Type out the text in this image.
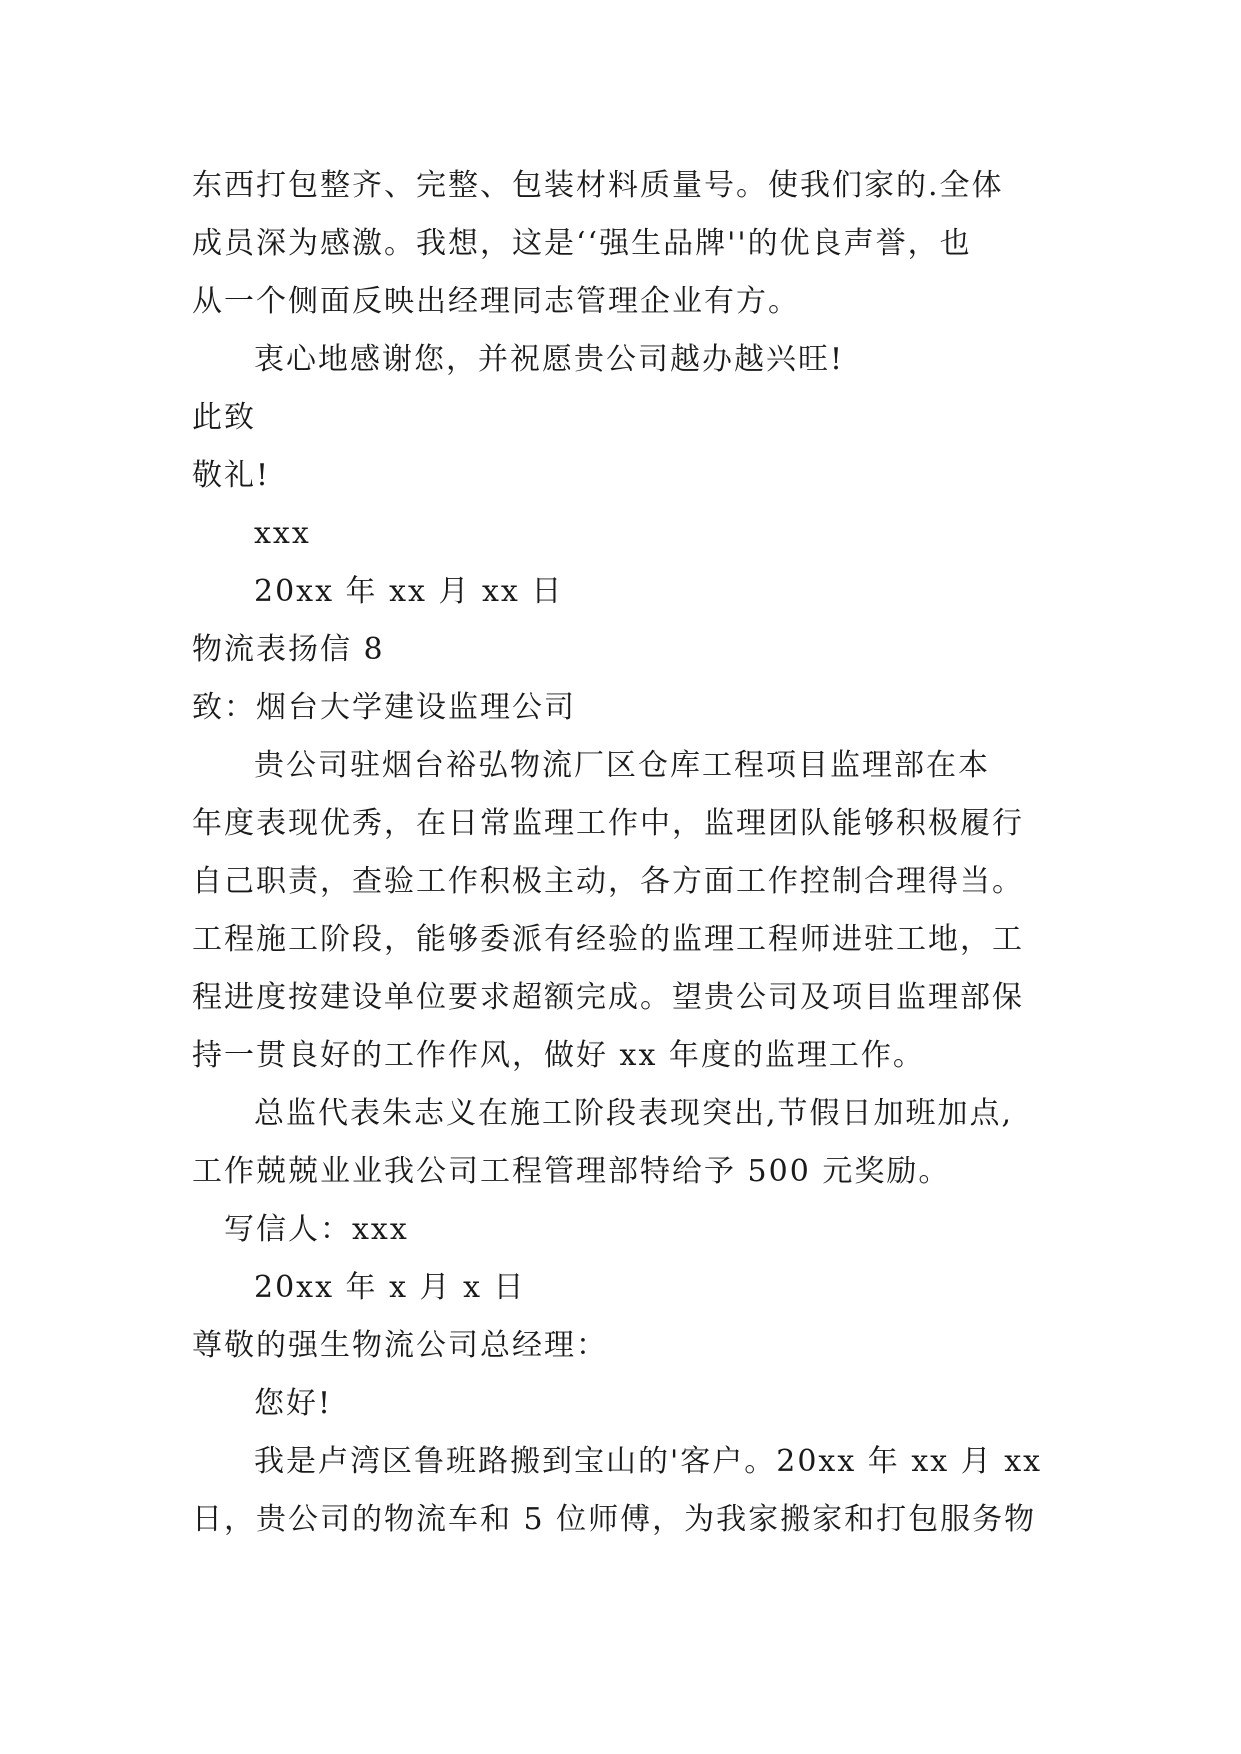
东西打包整齐、完整、包装材料质量号。使我们家的.全体
成员深为感激。我想，这是‘‘强生品牌''的优良声誉，也
从一个侧面反映出经理同志管理企业有方。
衷心地感谢您，并祝愿贵公司越办越兴旺!
此致
敬礼!
xxx
20xx 年 xx 月 xx 日
物流表扬信 8
致：烟台大学建设监理公司
贵公司驻烟台裕弘物流厂区仓库工程项目监理部在本
年度表现优秀，在日常监理工作中，监理团队能够积极履行
自己职责，查验工作积极主动，各方面工作控制合理得当。
工程施工阶段，能够委派有经验的监理工程师进驻工地，工
程进度按建设单位要求超额完成。望贵公司及项目监理部保
持一贯良好的工作作风，做好 xx 年度的监理工作。
总监代表朱志义在施工阶段表现突出,节假日加班加点,
工作兢兢业业我公司工程管理部特给予 500 元奖励。
写信人：xxx
20xx 年 x 月 x 日
尊敬的强生物流公司总经理：
您好!
我是卢湾区鲁班路搬到宝山的'客户。20xx 年 xx 月 xx
日，贵公司的物流车和 5 位师傅，为我家搬家和打包服务物
